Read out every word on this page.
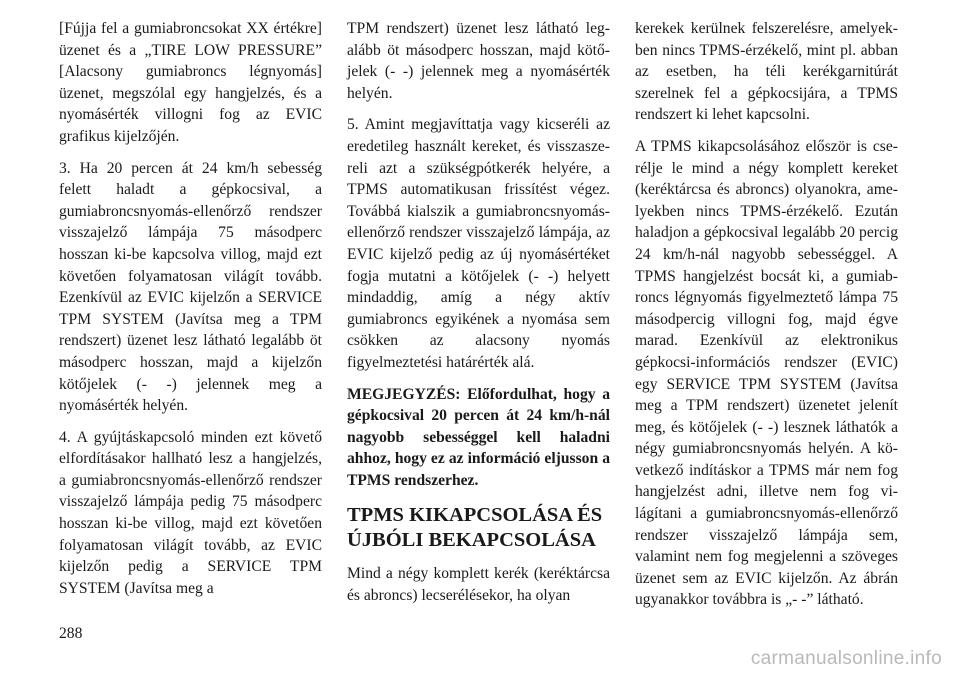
[Fújja fel a gumiabroncsokat XX értékre] üzenet és a „TIRE LOW PRESSURE” [Alacsony gumiabroncs légnyomás] üzenet, megszólal egy hangjelzés, és a nyomásérték villogni fog az EVIC grafikus kijelzőjén.

3. Ha 20 percen át 24 km/h sebesség felett haladt a gépkocsival, a gumiabroncsnyomás-ellenőrző rendszer visszajelző lámpája 75 másodperc hosszan ki-be kapcsolva villog, majd ezt követően folyamatosan világít tovább. Ezenkívül az EVIC kijelzőn a SERVICE TPM SYSTEM (Javítsa meg a TPM rendszert) üzenet lesz látható legalább öt másodperc hosszan, majd a kijelzőn kötőjelek (- -) jelennek meg a nyomásérték helyén.

4. A gyújtáskapcsoló minden ezt követő elfordításakor hallható lesz a hangjelzés, a gumiabroncsnyomás-ellenőrző rendszer visszajelző lámpája pedig 75 másodperc hosszan ki-be villog, majd ezt követően folyamatosan világít tovább, az EVIC kijelzőn pedig a SERVICE TPM SYSTEM (Javítsa meg a

TPM rendszert) üzenet lesz látható legalább öt másodperc hosszan, majd kötőjelek (- -) jelennek meg a nyomásérték helyén.

5. Amint megjavíttatja vagy kicseréli az eredetileg használt kereket, és visszaszereli azt a szükségpótkerék helyére, a TPMS automatikusan frissítést végez. Továbbá kialszik a gumiabroncsnyomás-ellenőrző rendszer visszajelző lámpája, az EVIC kijelző pedig az új nyomásértéket fogja mutatni a kötőjelek (- -) helyett mindaddig, amíg a négy aktív gumiabroncs egyikének a nyomása sem csökken az alacsony nyomás figyelmeztetési határérték alá.

MEGJEGYZÉS: Előfordulhat, hogy a gépkocsival 20 percen át 24 km/h-nál nagyobb sebességgel kell haladni ahhoz, hogy ez az információ eljusson a TPMS rendszerhez.

TPMS KIKAPCSOLÁSA ÉS ÚJBÓLI BEKAPCSOLÁSA

Mind a négy komplett kerék (keréktárcsa és abroncs) lecserélésekor, ha olyan

kerekek kerülnek felszerelésre, amelyekben nincs TPMS-érzékelő, mint pl. abban az esetben, ha téli kerékgarnitúrát szerelnek fel a gépkocsijára, a TPMS rendszert ki lehet kapcsolni.

A TPMS kikapcsolásához először is cserélje le mind a négy komplett kereket (keréktárcsa és abroncs) olyanokra, amelyekben nincs TPMS-érzékelő. Ezután haladjon a gépkocsival legalább 20 percig 24 km/h-nál nagyobb sebességgel. A TPMS hangjelzést bocsát ki, a gumiabroncs légnyomás figyelmeztető lámpa 75 másodpercig villogni fog, majd égve marad. Ezenkívül az elektronikus gépkocsi-információs rendszer (EVIC) egy SERVICE TPM SYSTEM (Javítsa meg a TPM rendszert) üzenetet jelenít meg, és kötőjelek (- -) lesznek láthatók a négy gumiabroncsnyomás helyén. A következő indításkor a TPMS már nem fog hangjelzést adni, illetve nem fog világítani a gumiabroncsnyomás-ellenőrző rendszer visszajelző lámpája sem, valamint nem fog megjelenni a szöveges üzenet sem az EVIC kijelzőn. Az ábrán ugyanakkor továbbra is „- -” látható.

288
carmanualsonline.info
